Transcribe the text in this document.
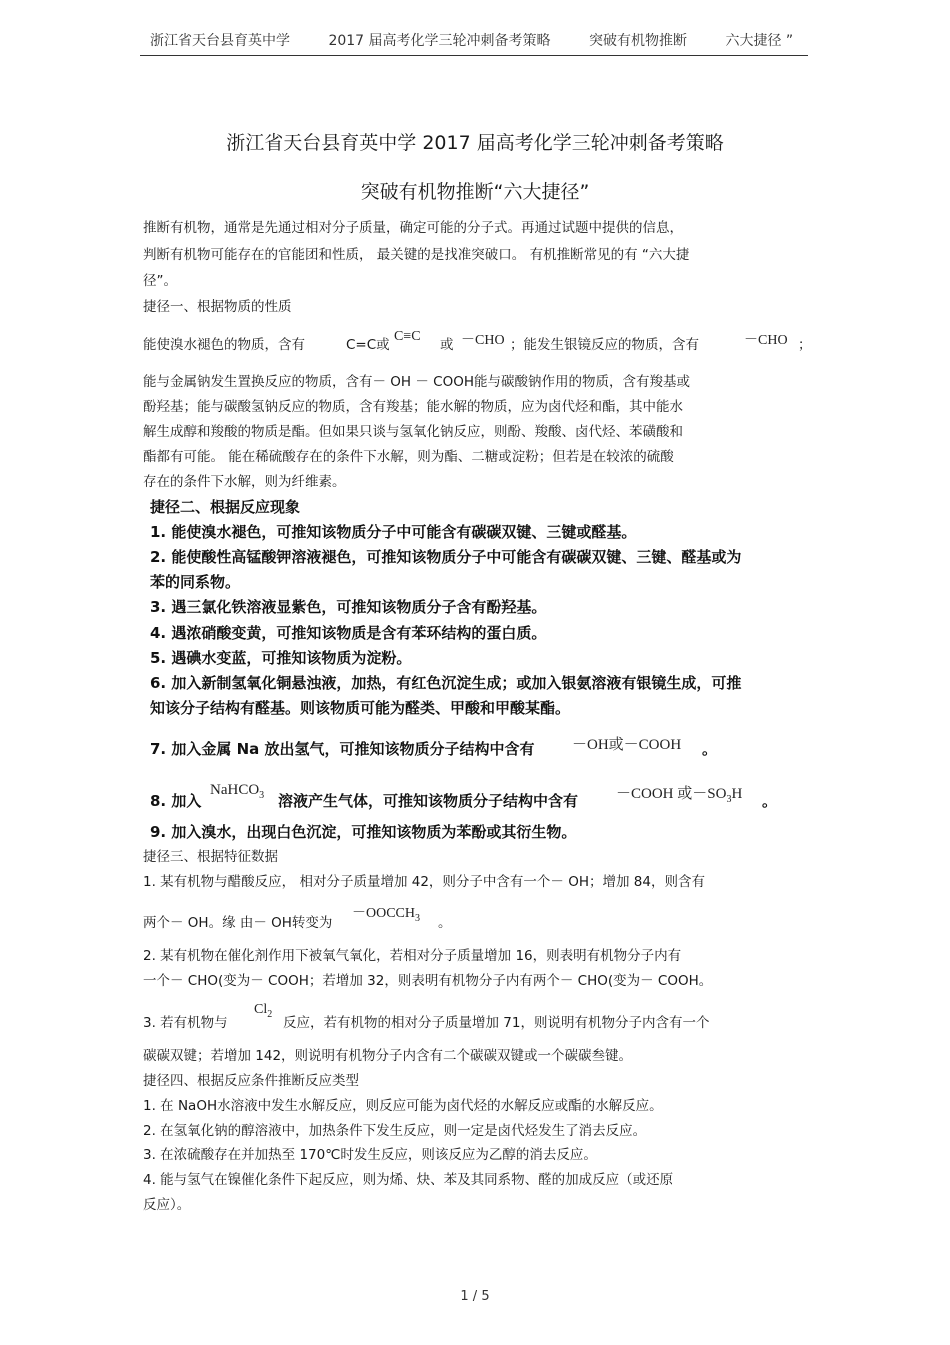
浙江省天台县育英中学	2017 届高考化学三轮冲刺备考策略	突破有机物推断	六大捷径 ”
浙江省天台县育英中学 2017 届高考化学三轮冲刺备考策略
突破有机物推断“六大捷径”
推断有机物，通常是先通过相对分子质量，确定可能的分子式。再通过试题中提供的信息，
判断有机物可能存在的官能团和性质， 最关键的是找准突破口。 有机推断常见的有 “六大捷
径”。
捷径一、根据物质的性质
能使溴水褪色的物质，含有	C=C或
C≡C
或 －CHO ；能发生银镜反应的物质，含有	－CHO ；
能与金属钠发生置换反应的物质，含有－ OH － COOH能与碳酸钠作用的物质，含有羧基或
酚羟基；能与碳酸氢钠反应的物质，含有羧基；能水解的物质，应为卤代烃和酯，其中能水
解生成醇和羧酸的物质是酯。但如果只谈与氢氧化钠反应，则酚、羧酸、卤代烃、苯磺酸和
酯都有可能。 能在稀硫酸存在的条件下水解，则为酯、二糖或淀粉；但若是在较浓的硫酸
存在的条件下水解，则为纤维素。
捷径二、根据反应现象
1. 能使溴水褪色，可推知该物质分子中可能含有碳碳双键、三键或醛基。
2. 能使酸性高锰酸钾溶液褪色，可推知该物质分子中可能含有碳碳双键、三键、醛基或为
苯的同系物。
3. 遇三氯化铁溶液显紫色，可推知该物质分子含有酚羟基。
4. 遇浓硝酸变黄，可推知该物质是含有苯环结构的蛋白质。
5. 遇碘水变蓝，可推知该物质为淀粉。
6. 加入新制氢氧化铜悬浊液，加热，有红色沉淀生成；或加入银氨溶液有银镜生成，可推
知该分子结构有醛基。则该物质可能为醛类、甲酸和甲酸某酯。
7. 加入金属 Na 放出氢气，可推知该物质分子结构中含有	－OH或－COOH 。
8. 加入
NaHCO$_3$ 溶液产生气体，可推知该物质分子结构中含有	－COOH 或$-SO_3H$ 。
9. 加入溴水，出现白色沉淀，可推知该物质为苯酚或其衍生物。
捷径三、根据特征数据
1. 某有机物与醋酸反应， 相对分子质量增加 42，则分子中含有一个－ OH；增加 84，则含有
两个－ OH。缘 由－ OH转变为
$-OOCCH_3$ 。
2. 某有机物在催化剂作用下被氧气氧化，若相对分子质量增加 16，则表明有机物分子内有
一个－ CHO(变为－ COOH；若增加 32，则表明有机物分子内有两个－ CHO(变为－ COOH。
3. 若有机物与
$Cl_2$
反应，若有机物的相对分子质量增加 71，则说明有机物分子内含有一个
碳碳双键；若增加 142，则说明有机物分子内含有二个碳碳双键或一个碳碳叁键。
捷径四、根据反应条件推断反应类型
1. 在 NaOH水溶液中发生水解反应，则反应可能为卤代烃的水解反应或酯的水解反应。
2. 在氢氧化钠的醇溶液中，加热条件下发生反应，则一定是卤代烃发生了消去反应。
3. 在浓硫酸存在并加热至 170℃时发生反应，则该反应为乙醇的消去反应。
4. 能与氢气在镍催化条件下起反应，则为烯、炔、苯及其同系物、醛的加成反应（或还原
反应）。
1 / 5
